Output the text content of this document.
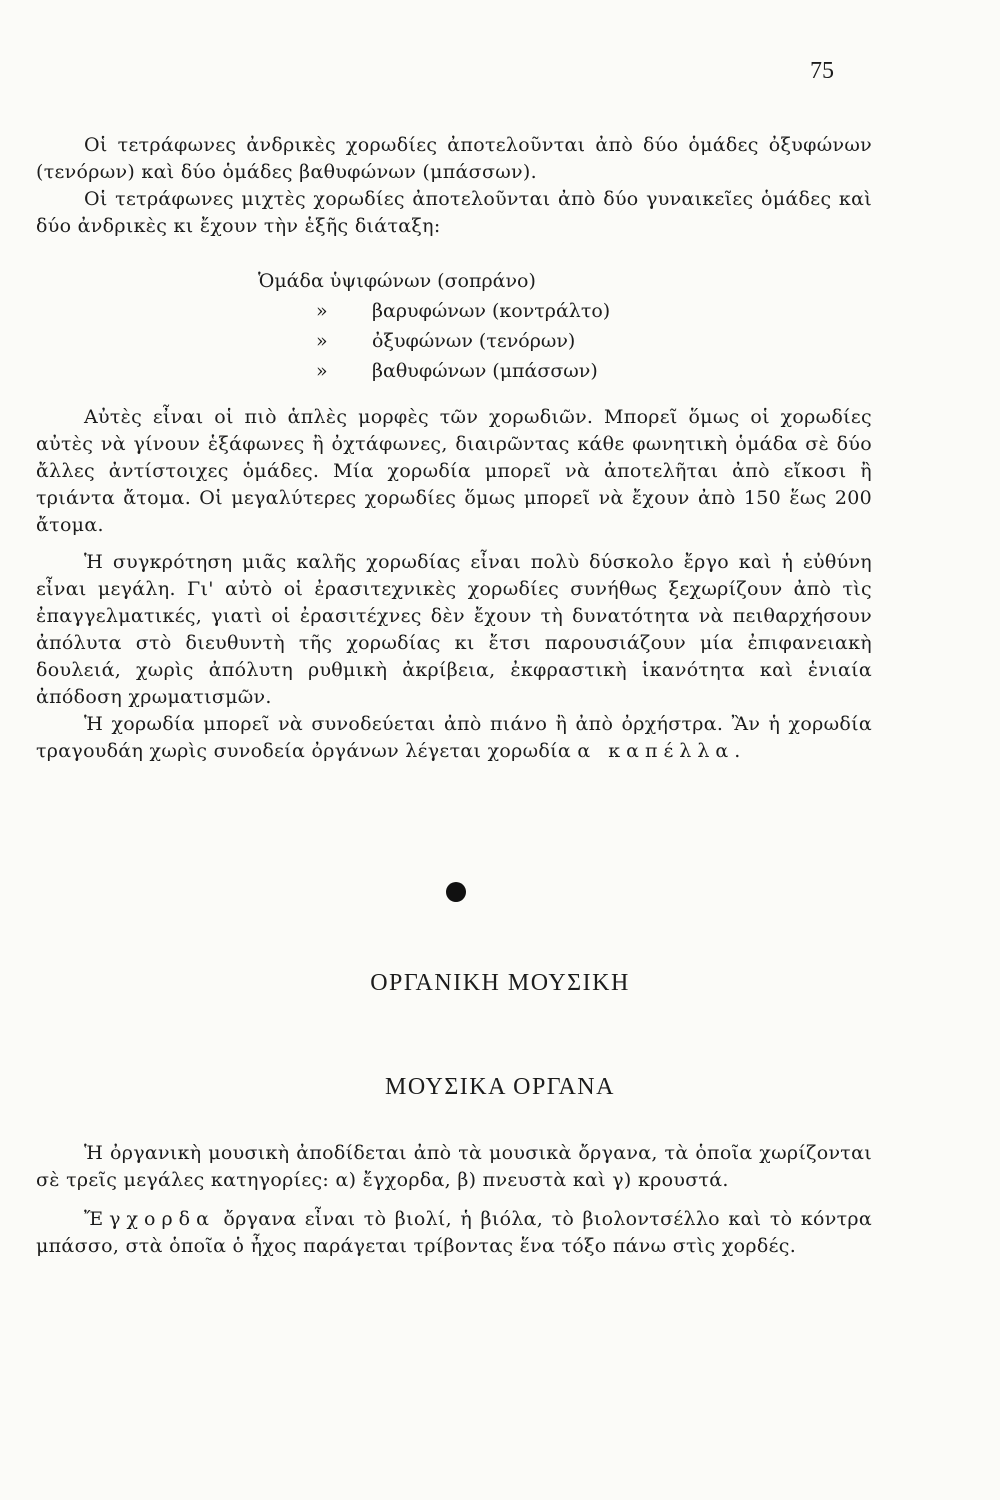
75

Οἱ τετράφωνες ἀνδρικὲς χορωδίες ἀποτελοῦνται ἀπὸ δύο ὁμάδες ὀξυφώνων (τενόρων) καὶ δύο ὁμάδες βαθυφώνων (μπάσσων).

Οἱ τετράφωνες μιχτὲς χορωδίες ἀποτελοῦνται ἀπὸ δύο γυναικεῖες ὁμάδες καὶ δύο ἀνδρικὲς κι ἔχουν τὴν ἑξῆς διάταξη:

Ὁμάδα ὑψιφώνων (σοπράνο)
» βαρυφώνων (κοντράλτο)
» ὀξυφώνων (τενόρων)
» βαθυφώνων (μπάσσων)

Αὐτὲς εἶναι οἱ πιὸ ἁπλὲς μορφὲς τῶν χορωδιῶν. Μπορεῖ ὅμως οἱ χορωδίες αὐτὲς νὰ γίνουν ἑξάφωνες ἢ ὀχτάφωνες, διαιρῶντας κάθε φωνητικὴ ὁμάδα σὲ δύο ἄλλες ἀντίστοιχες ὁμάδες. Μία χορωδία μπορεῖ νὰ ἀποτελῆται ἀπὸ εἴκοσι ἢ τριάντα ἄτομα. Οἱ μεγαλύτερες χορωδίες ὅμως μπορεῖ νὰ ἔχουν ἀπὸ 150 ἕως 200 ἄτομα.

Ἡ συγκρότηση μιᾶς καλῆς χορωδίας εἶναι πολὺ δύσκολο ἔργο καὶ ἡ εὐθύνη εἶναι μεγάλη. Γι' αὐτὸ οἱ ἐρασιτεχνικὲς χορωδίες συνήθως ξεχωρίζουν ἀπὸ τὶς ἐπαγγελματικές, γιατὶ οἱ ἐρασιτέχνες δὲν ἔχουν τὴ δυνατότητα νὰ πειθαρχήσουν ἀπόλυτα στὸ διευθυντὴ τῆς χορωδίας κι ἔτσι παρουσιάζουν μία ἐπιφανειακὴ δουλειά, χωρὶς ἀπόλυτη ρυθμικὴ ἀκρίβεια, ἐκφραστικὴ ἱκανότητα καὶ ἑνιαία ἀπόδοση χρωματισμῶν.

Ἡ χορωδία μπορεῖ νὰ συνοδεύεται ἀπὸ πιάνο ἢ ἀπὸ ὀρχήστρα. Ἂν ἡ χορωδία τραγουδάη χωρὶς συνοδεία ὀργάνων λέγεται χορωδία α καπέλλα.

ΟΡΓΑΝΙΚΗ ΜΟΥΣΙΚΗ
ΜΟΥΣΙΚΑ ΟΡΓΑΝΑ

Ἡ ὀργανικὴ μουσικὴ ἀποδίδεται ἀπὸ τὰ μουσικὰ ὄργανα, τὰ ὁποῖα χωρίζονται σὲ τρεῖς μεγάλες κατηγορίες: α) ἔγχορδα, β) πνευστὰ καὶ γ) κρουστά.

Ἔγχορδα ὄργανα εἶναι τὸ βιολί, ἡ βιόλα, τὸ βιολοντσέλλο καὶ τὸ κόντρα μπάσσο, στὰ ὁποῖα ὁ ἦχος παράγεται τρίβοντας ἕνα τόξο πάνω στὶς χορδές.
